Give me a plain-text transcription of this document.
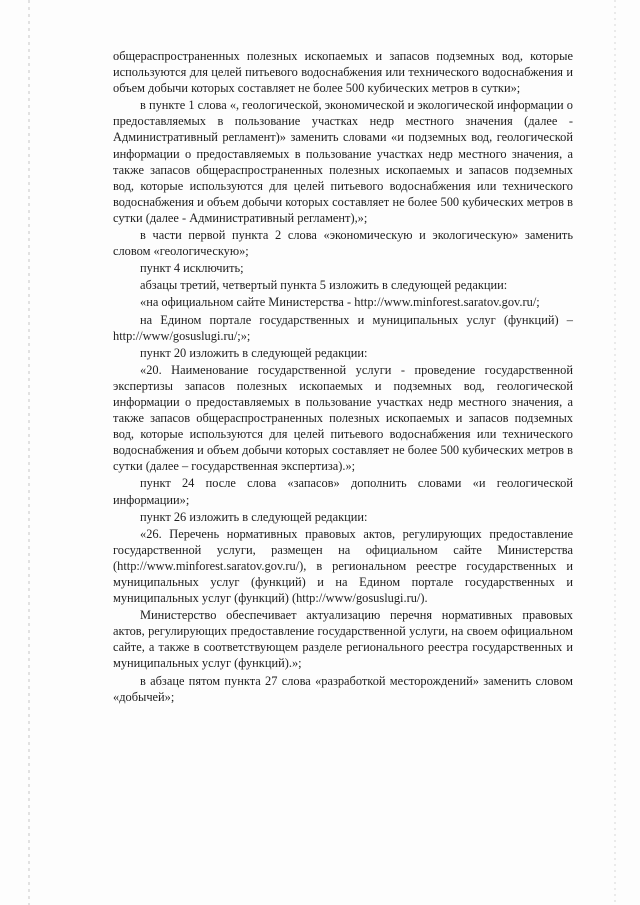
общераспространенных полезных ископаемых и запасов подземных вод, которые используются для целей питьевого водоснабжения или технического водоснабжения и объем добычи которых составляет не более 500 кубических метров в сутки»;

в пункте 1 слова «, геологической, экономической и экологической информации о предоставляемых в пользование участках недр местного значения (далее - Административный регламент)» заменить словами «и подземных вод, геологической информации о предоставляемых в пользование участках недр местного значения, а также запасов общераспространенных полезных ископаемых и запасов подземных вод, которые используются для целей питьевого водоснабжения или технического водоснабжения и объем добычи которых составляет не более 500 кубических метров в сутки (далее - Административный регламент),»;

в части первой пункта 2 слова «экономическую и экологическую» заменить словом «геологическую»;

пункт 4 исключить;

абзацы третий, четвертый пункта 5 изложить в следующей редакции:

«на официальном сайте Министерства - http://www.minforest.saratov.gov.ru/;

на Едином портале государственных и муниципальных услуг (функций) – http://www/gosuslugi.ru/;»;

пункт 20 изложить в следующей редакции:

«20. Наименование государственной услуги - проведение государственной экспертизы запасов полезных ископаемых и подземных вод, геологической информации о предоставляемых в пользование участках недр местного значения, а также запасов общераспространенных полезных ископаемых и запасов подземных вод, которые используются для целей питьевого водоснабжения или технического водоснабжения и объем добычи которых составляет не более 500 кубических метров в сутки (далее – государственная экспертиза).»;

пункт 24 после слова «запасов» дополнить словами «и геологической информации»;

пункт 26 изложить в следующей редакции:

«26. Перечень нормативных правовых актов, регулирующих предоставление государственной услуги, размещен на официальном сайте Министерства (http://www.minforest.saratov.gov.ru/), в региональном реестре государственных и муниципальных услуг (функций) и на Едином портале государственных и муниципальных услуг (функций) (http://www/gosuslugi.ru/).

Министерство обеспечивает актуализацию перечня нормативных правовых актов, регулирующих предоставление государственной услуги, на своем официальном сайте, а также в соответствующем разделе регионального реестра государственных и муниципальных услуг (функций).»;

в абзаце пятом пункта 27 слова «разработкой месторождений» заменить словом «добычей»;
